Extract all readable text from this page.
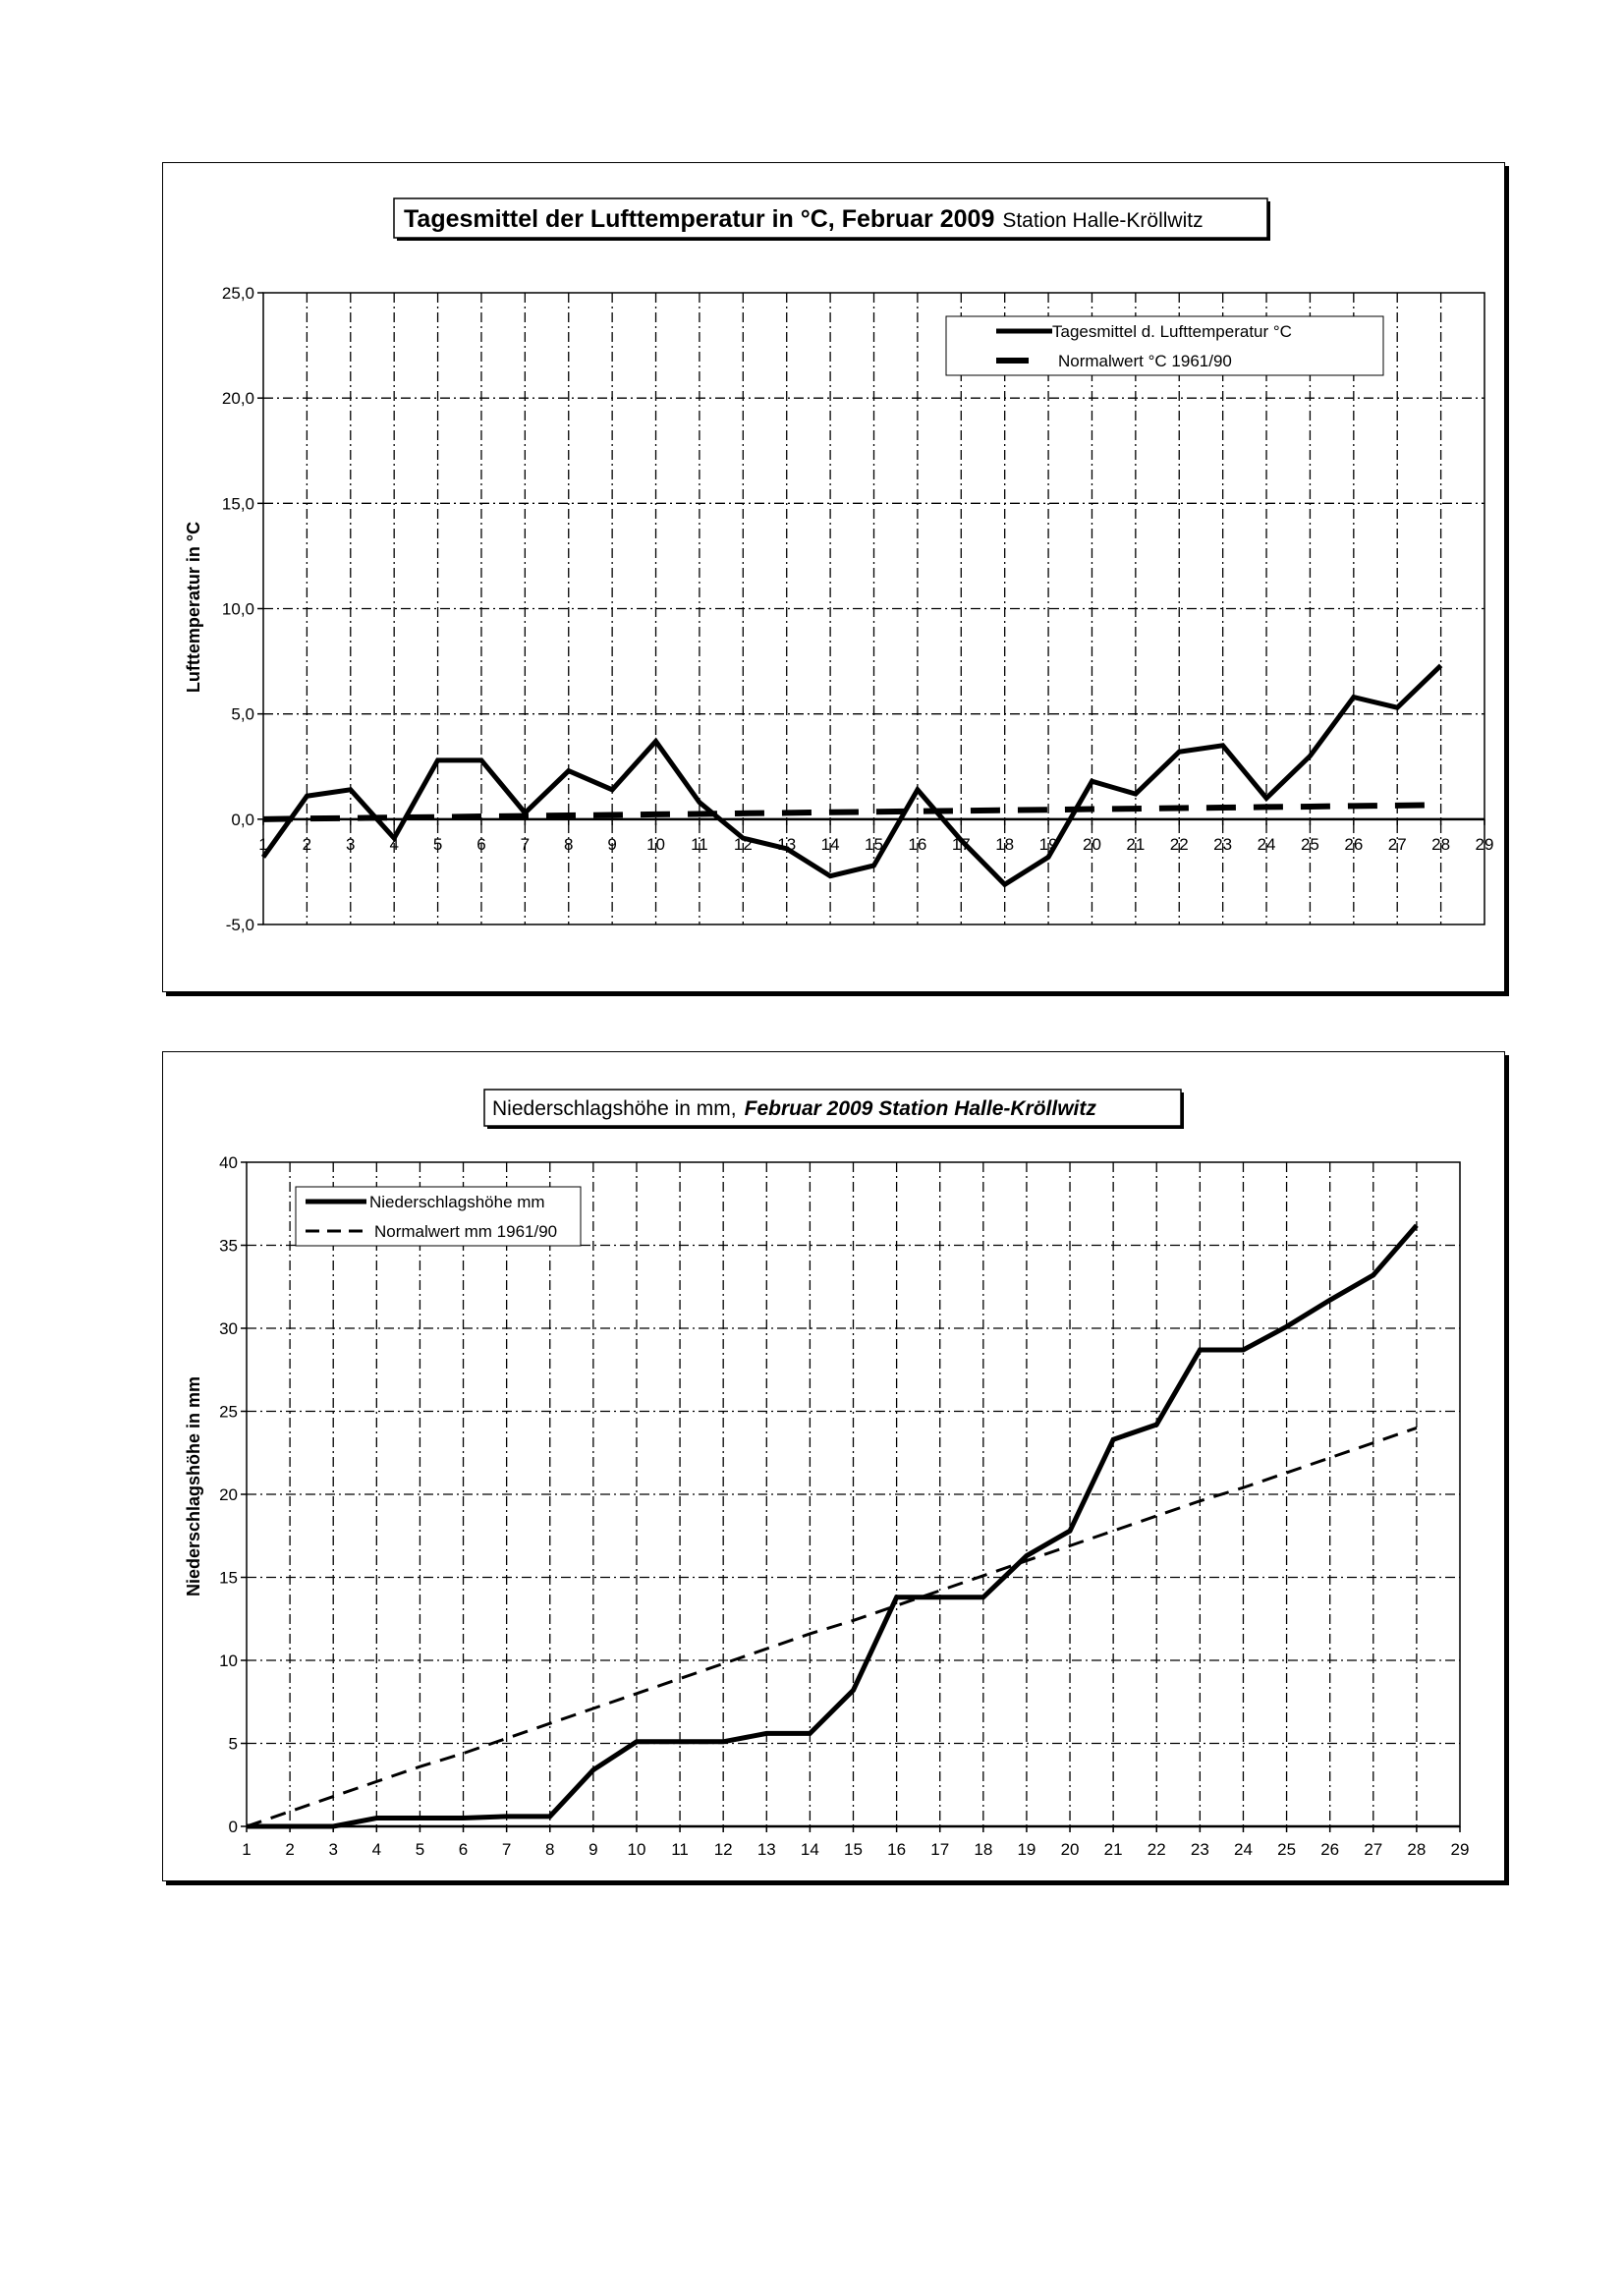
Tagesmittel der Lufttemperatur in °C, Februar 2009 Station Halle-Kröllwitz
Lufttemperatur in °C
-5,0
0,0
5,0
10,0
15,0
20,0
25,0
1 2 3 4 5 6 7 8 9 10 11 12 13 14 15 16 17 18 19 20 21 22 23 24 25 26 27 28 29
Tagesmittel d. Lufttemperatur °C
Normalwert °C 1961/90
Niederschlagshöhe in mm, Februar 2009 Station Halle-Kröllwitz
Niederschlagshöhe in mm
0
5
10
15
20
25
30
35
40
1 2 3 4 5 6 7 8 9 10 11 12 13 14 15 16 17 18 19 20 21 22 23 24 25 26 27 28 29
Niederschlagshöhe mm
Normalwert mm 1961/90
